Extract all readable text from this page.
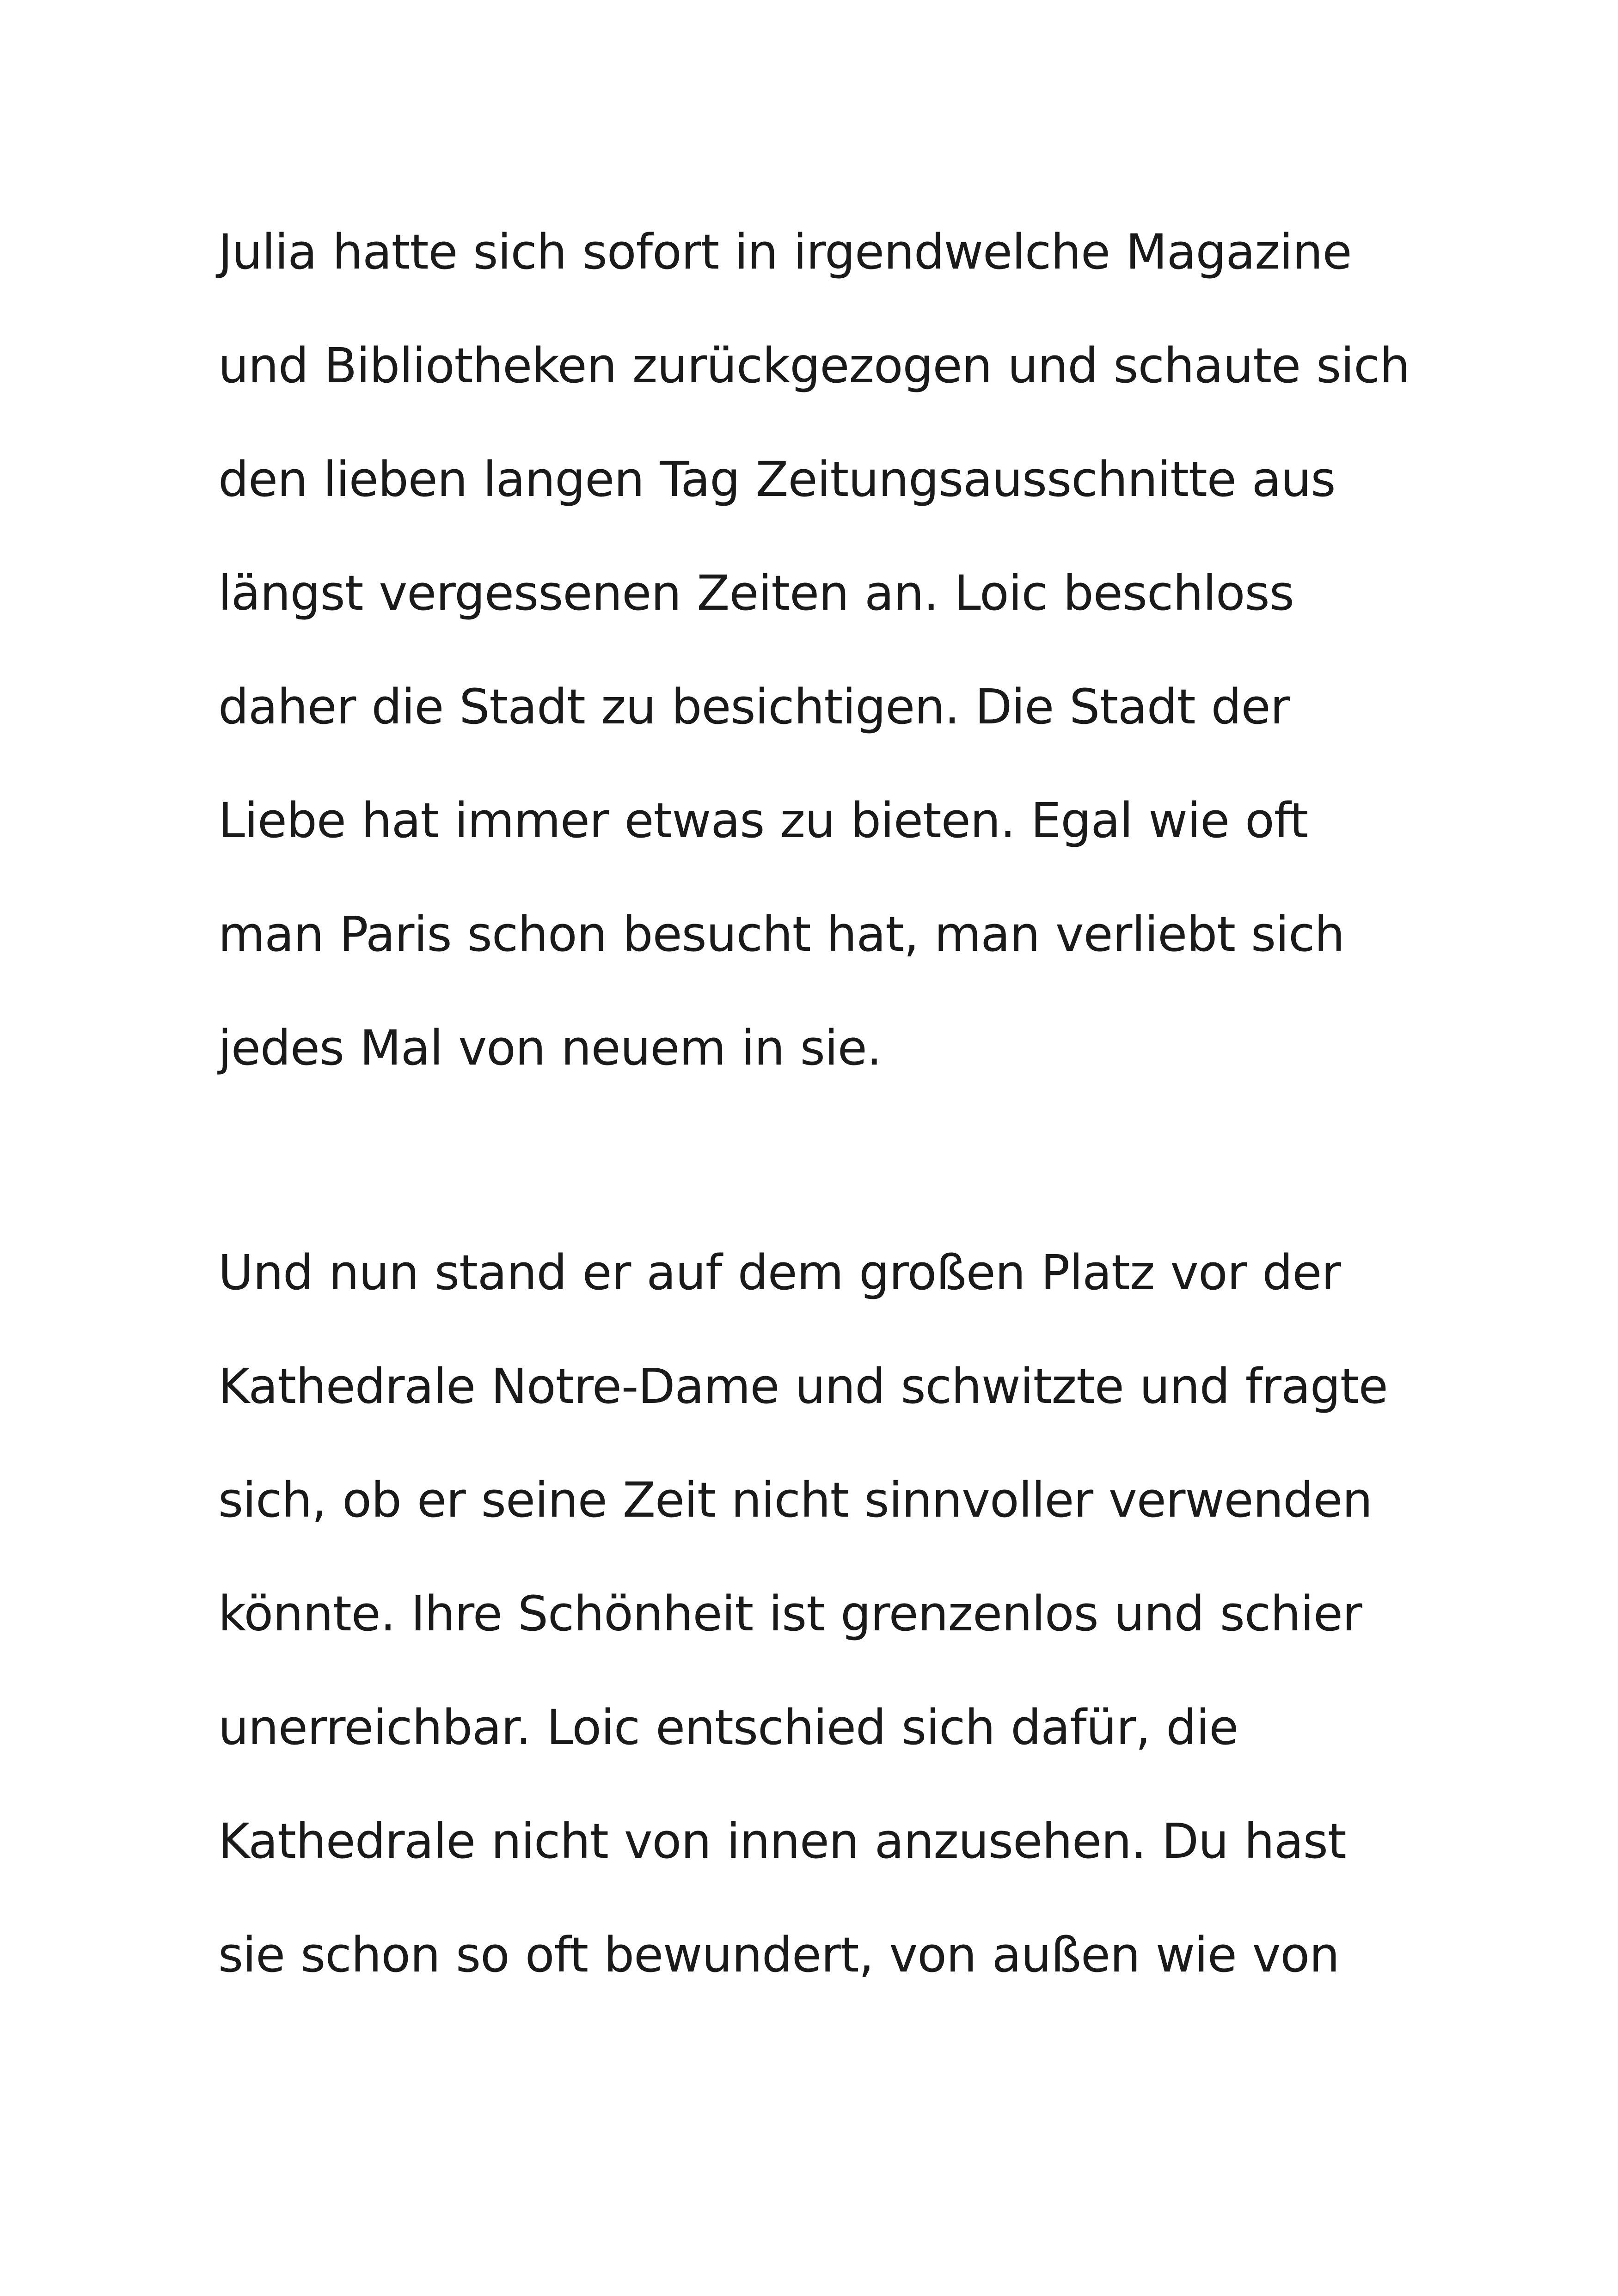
Julia hatte sich sofort in irgendwelche Magazine
und Bibliotheken zurückgezogen und schaute sich
den lieben langen Tag Zeitungsausschnitte aus
längst vergessenen Zeiten an. Loic beschloss
daher die Stadt zu besichtigen. Die Stadt der
Liebe hat immer etwas zu bieten. Egal wie oft
man Paris schon besucht hat, man verliebt sich
jedes Mal von neuem in sie.
Und nun stand er auf dem großen Platz vor der
Kathedrale Notre-Dame und schwitzte und fragte
sich, ob er seine Zeit nicht sinnvoller verwenden
könnte. Ihre Schönheit ist grenzenlos und schier
unerreichbar. Loic entschied sich dafür, die
Kathedrale nicht von innen anzusehen. Du hast
sie schon so oft bewundert, von außen wie von
